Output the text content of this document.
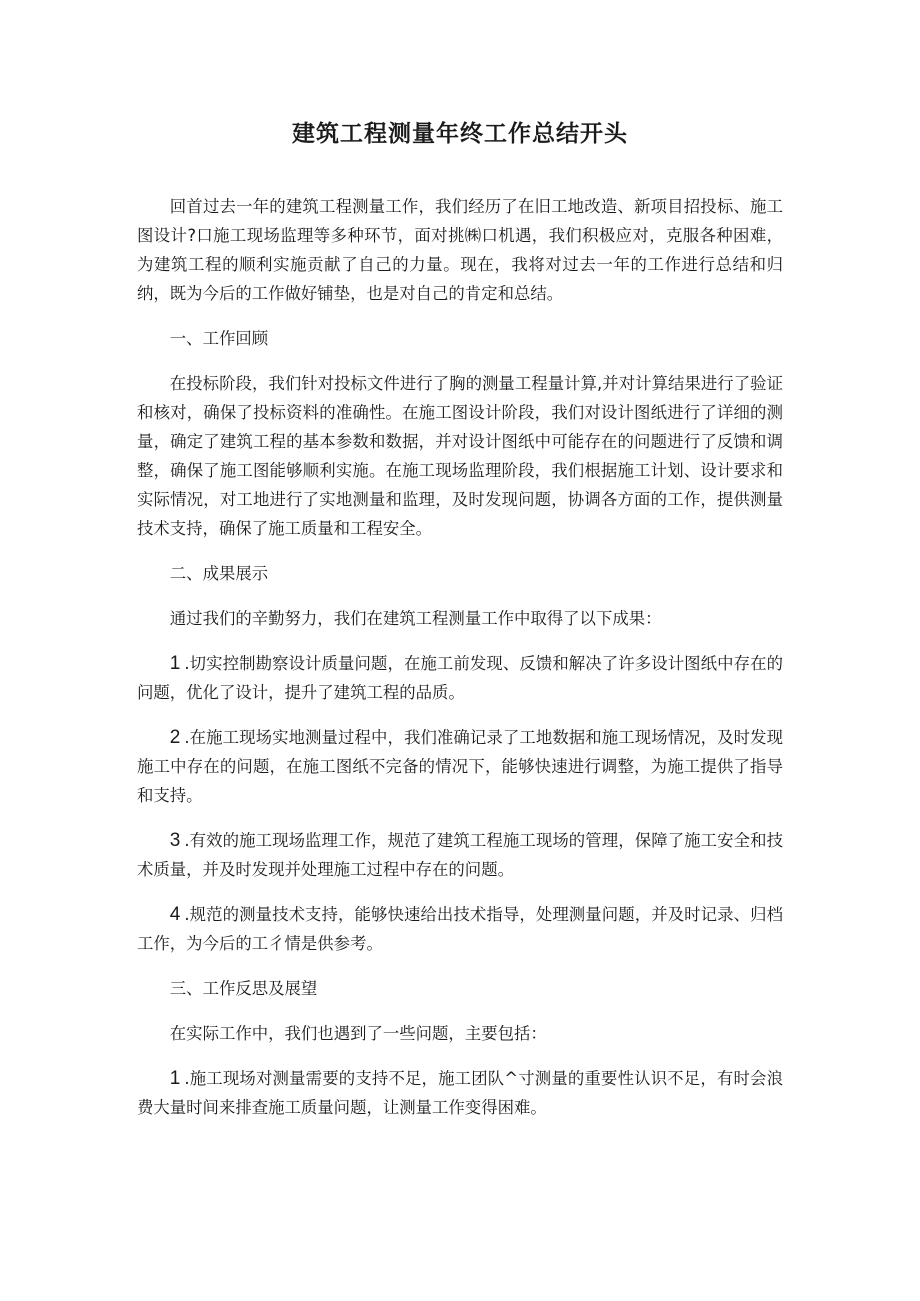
建筑工程测量年终工作总结开头

回首过去一年的建筑工程测量工作，我们经历了在旧工地改造、新项目招投标、施工图设计?口施工现场监理等多种环节，面对挑㈱口机遇，我们积极应对，克服各种困难，为建筑工程的顺利实施贡献了自己的力量。现在，我将对过去一年的工作进行总结和归纳，既为今后的工作做好铺垫，也是对自己的肯定和总结。

一、工作回顾

在投标阶段，我们针对投标文件进行了胸的测量工程量计算,并对计算结果进行了验证和核对，确保了投标资料的准确性。在施工图设计阶段，我们对设计图纸进行了详细的测量，确定了建筑工程的基本参数和数据，并对设计图纸中可能存在的问题进行了反馈和调整，确保了施工图能够顺利实施。在施工现场监理阶段，我们根据施工计划、设计要求和实际情况，对工地进行了实地测量和监理，及时发现问题，协调各方面的工作，提供测量技术支持，确保了施工质量和工程安全。

二、成果展示

通过我们的辛勤努力，我们在建筑工程测量工作中取得了以下成果：

1 .切实控制勘察设计质量问题，在施工前发现、反馈和解决了许多设计图纸中存在的问题，优化了设计，提升了建筑工程的品质。

2 .在施工现场实地测量过程中，我们准确记录了工地数据和施工现场情况，及时发现施工中存在的问题，在施工图纸不完备的情况下，能够快速进行调整，为施工提供了指导和支持。

3 .有效的施工现场监理工作，规范了建筑工程施工现场的管理，保障了施工安全和技术质量，并及时发现并处理施工过程中存在的问题。

4 .规范的测量技术支持，能够快速给出技术指导，处理测量问题，并及时记录、归档工作，为今后的工彳情是供参考。

三、工作反思及展望

在实际工作中，我们也遇到了一些问题，主要包括：

1 .施工现场对测量需要的支持不足，施工团队^寸测量的重要性认识不足，有时会浪费大量时间来排查施工质量问题，让测量工作变得困难。
